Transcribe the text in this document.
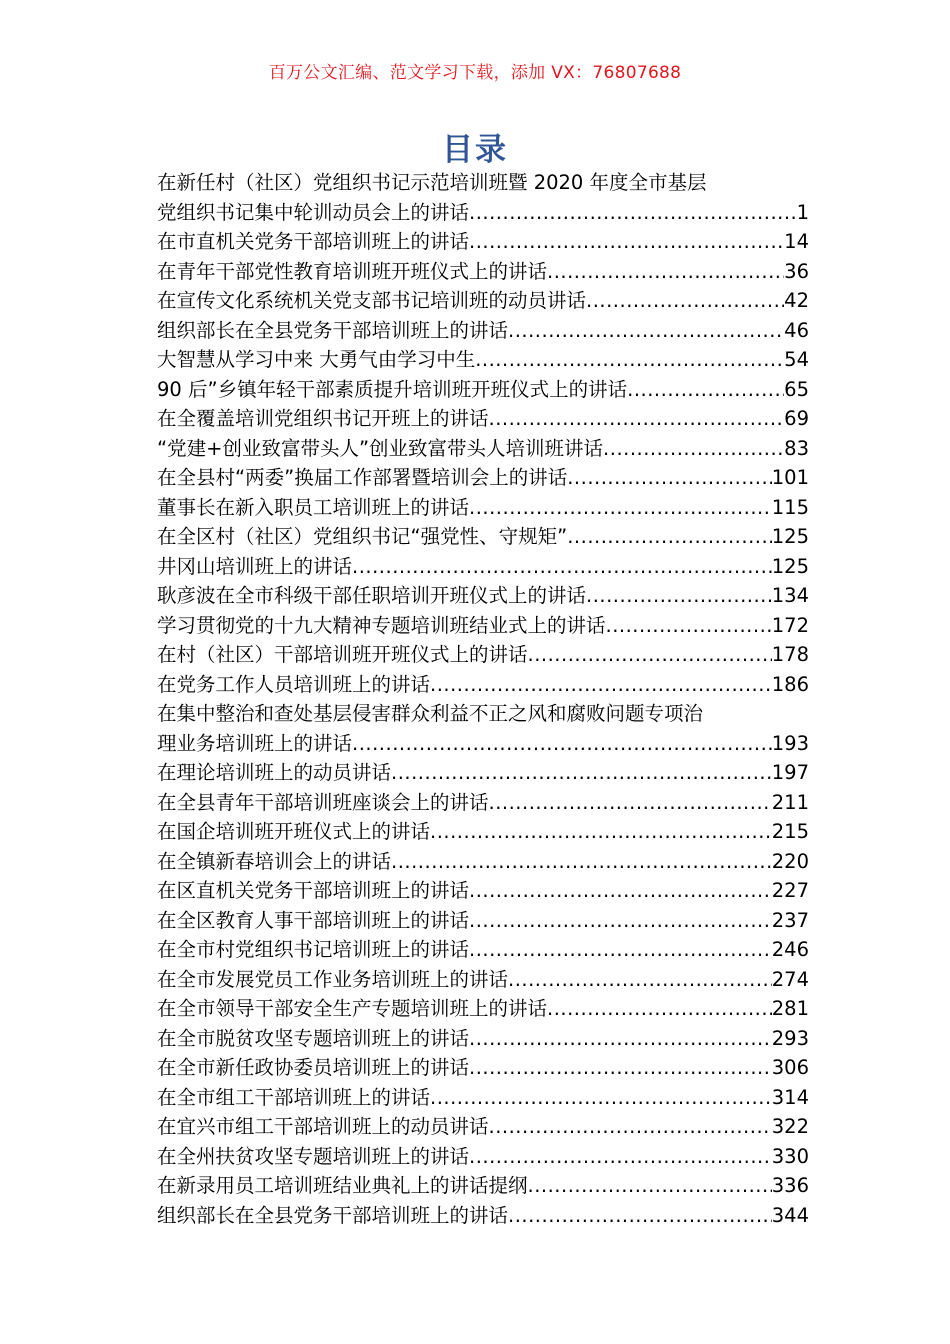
百万公文汇编、范文学习下载，添加 VX：76807688
目录
在新任村（社区）党组织书记示范培训班暨 2020 年度全市基层
党组织书记集中轮训动员会上的讲话 .....	1
在市直机关党务干部培训班上的讲话 .....	14
在青年干部党性教育培训班开班仪式上的讲话 .....	36
在宣传文化系统机关党支部书记培训班的动员讲话 .....	42
组织部长在全县党务干部培训班上的讲话 .....	46
大智慧从学习中来 大勇气由学习中生 .....	54
90 后”乡镇年轻干部素质提升培训班开班仪式上的讲话 .....	65
在全覆盖培训党组织书记开班上的讲话 .....	69
“党建+创业致富带头人”创业致富带头人培训班讲话 .....	83
在全县村“两委”换届工作部署暨培训会上的讲话 .....	101
董事长在新入职员工培训班上的讲话 .....	115
在全区村（社区）党组织书记“强党性、守规矩” .....	125
井冈山培训班上的讲话 .....	125
耿彦波在全市科级干部任职培训开班仪式上的讲话 .....	134
学习贯彻党的十九大精神专题培训班结业式上的讲话 .....	172
在村（社区）干部培训班开班仪式上的讲话 .....	178
在党务工作人员培训班上的讲话 .....	186
在集中整治和查处基层侵害群众利益不正之风和腐败问题专项治
理业务培训班上的讲话 .....	193
在理论培训班上的动员讲话 .....	197
在全县青年干部培训班座谈会上的讲话 .....	211
在国企培训班开班仪式上的讲话 .....	215
在全镇新春培训会上的讲话 .....	220
在区直机关党务干部培训班上的讲话 .....	227
在全区教育人事干部培训班上的讲话 .....	237
在全市村党组织书记培训班上的讲话 .....	246
在全市发展党员工作业务培训班上的讲话 .....	274
在全市领导干部安全生产专题培训班上的讲话 .....	281
在全市脱贫攻坚专题培训班上的讲话 .....	293
在全市新任政协委员培训班上的讲话 .....	306
在全市组工干部培训班上的讲话 .....	314
在宜兴市组工干部培训班上的动员讲话 .....	322
在全州扶贫攻坚专题培训班上的讲话 .....	330
在新录用员工培训班结业典礼上的讲话提纲 .....	336
组织部长在全县党务干部培训班上的讲话 .....	344
